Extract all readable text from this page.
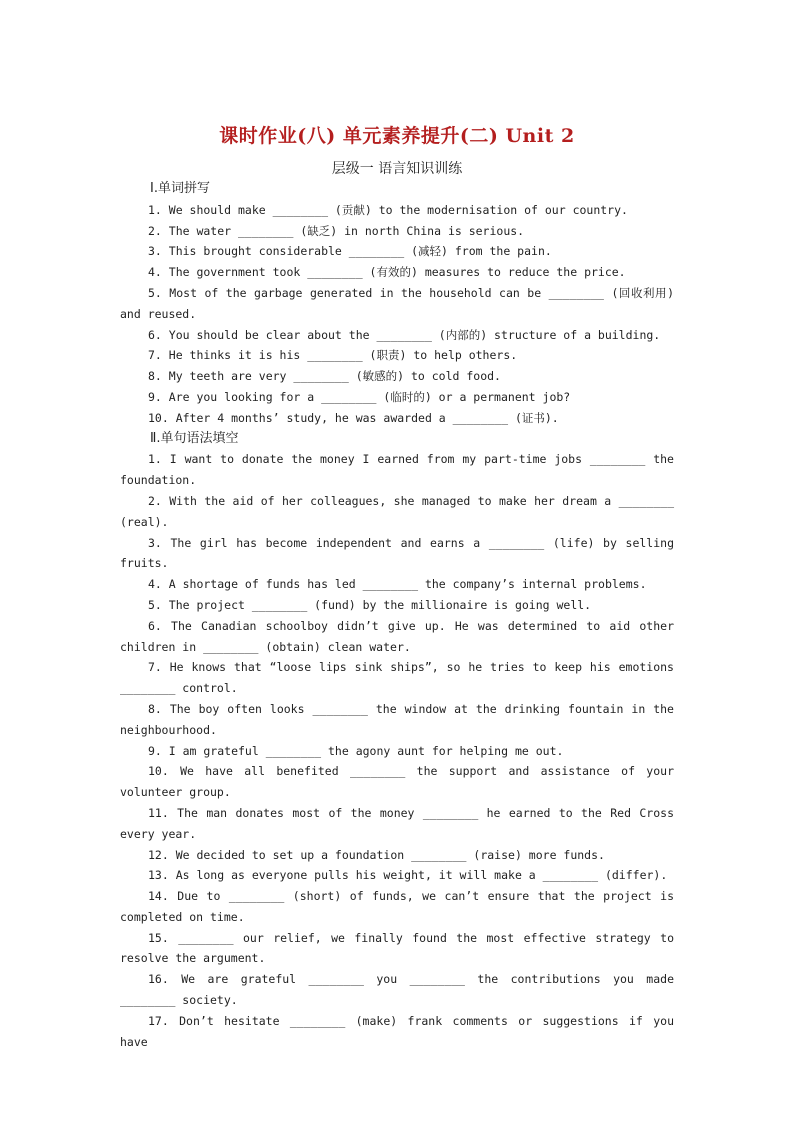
课时作业(八) 单元素养提升(二) Unit 2
层级一 语言知识训练
Ⅰ.单词拼写
1. We should make ________ (贡献) to the modernisation of our country.
2. The water ________ (缺乏) in north China is serious.
3. This brought considerable ________ (减轻) from the pain.
4. The government took ________ (有效的) measures to reduce the price.
5. Most of the garbage generated in the household can be ________ (回收利用) and reused.
6. You should be clear about the ________ (内部的) structure of a building.
7. He thinks it is his ________ (职责) to help others.
8. My teeth are very ________ (敏感的) to cold food.
9. Are you looking for a ________ (临时的) or a permanent job?
10. After 4 months’ study, he was awarded a ________ (证书).
Ⅱ.单句语法填空
1. I want to donate the money I earned from my part-time jobs ________ the foundation.
2. With the aid of her colleagues, she managed to make her dream a ________ (real).
3. The girl has become independent and earns a ________ (life) by selling fruits.
4. A shortage of funds has led ________ the company’s internal problems.
5. The project ________ (fund) by the millionaire is going well.
6. The Canadian schoolboy didn’t give up. He was determined to aid other children in ________ (obtain) clean water.
7. He knows that “loose lips sink ships”, so he tries to keep his emotions ________ control.
8. The boy often looks ________ the window at the drinking fountain in the neighbourhood.
9. I am grateful ________ the agony aunt for helping me out.
10. We have all benefited ________ the support and assistance of your volunteer group.
11. The man donates most of the money ________ he earned to the Red Cross every year.
12. We decided to set up a foundation ________ (raise) more funds.
13. As long as everyone pulls his weight, it will make a ________ (differ).
14. Due to ________ (short) of funds, we can’t ensure that the project is completed on time.
15. ________ our relief, we finally found the most effective strategy to resolve the argument.
16. We are grateful ________ you ________ the contributions you made ________ society.
17. Don’t hesitate ________ (make) frank comments or suggestions if you have
